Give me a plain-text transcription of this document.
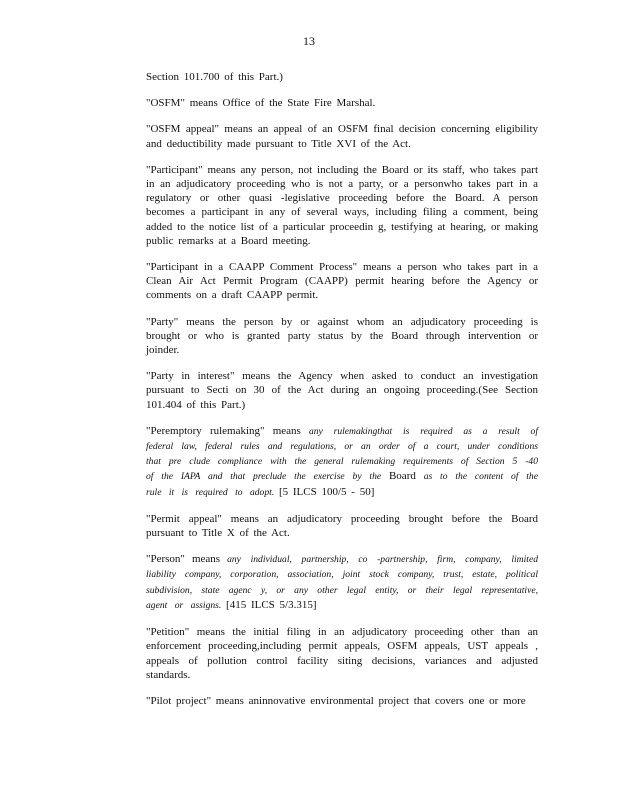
13

Section 101.700 of this Part.)

"OSFM" means Office of the State Fire Marshal.

"OSFM appeal" means an appeal of an OSFM final decision concerning eligibility and deductibility made pursuant to Title XVI of the Act.

"Participant" means any person, not including the Board or its staff, who takes part in an adjudicatory proceeding who is not a party, or a personwho takes part in a regulatory or other quasi -legislative proceeding before the Board. A person becomes a participant in any of several ways, including filing a comment, being added to the notice list of a particular proceedin g, testifying at hearing, or making public remarks at a Board meeting.

"Participant in a CAAPP Comment Process" means a person who takes part in a Clean Air Act Permit Program (CAAPP) permit hearing before the Agency or comments on a draft CAAPP permit.

"Party" means the person by or against whom an adjudicatory proceeding is brought or who is granted party status by the Board through intervention or joinder.

"Party in interest" means the Agency when asked to conduct an investigation pursuant to Secti on 30 of the Act during an ongoing proceeding.(See Section 101.404 of this Part.)

"Peremptory rulemaking" means any rulemakingthat is required as a result of federal law, federal rules and regulations, or an order of a court, under conditions that pre clude compliance with the general rulemaking requirements of Section 5 -40 of the IAPA and that preclude the exercise by the Board as to the content of the rule it is required to adopt. [5 ILCS 100/5 - 50]

"Permit appeal" means an adjudicatory proceeding brought before the Board pursuant to Title X of the Act.

"Person" means any individual, partnership, co -partnership, firm, company, limited liability company, corporation, association, joint stock company, trust, estate, political subdivision, state agenc y, or any other legal entity, or their legal representative, agent or assigns. [415 ILCS 5/3.315]

"Petition" means the initial filing in an adjudicatory proceeding other than an enforcement proceeding,including permit appeals, OSFM appeals, UST appeals , appeals of pollution control facility siting decisions, variances and adjusted standards.

"Pilot project" means aninnovative environmental project that covers one or more
